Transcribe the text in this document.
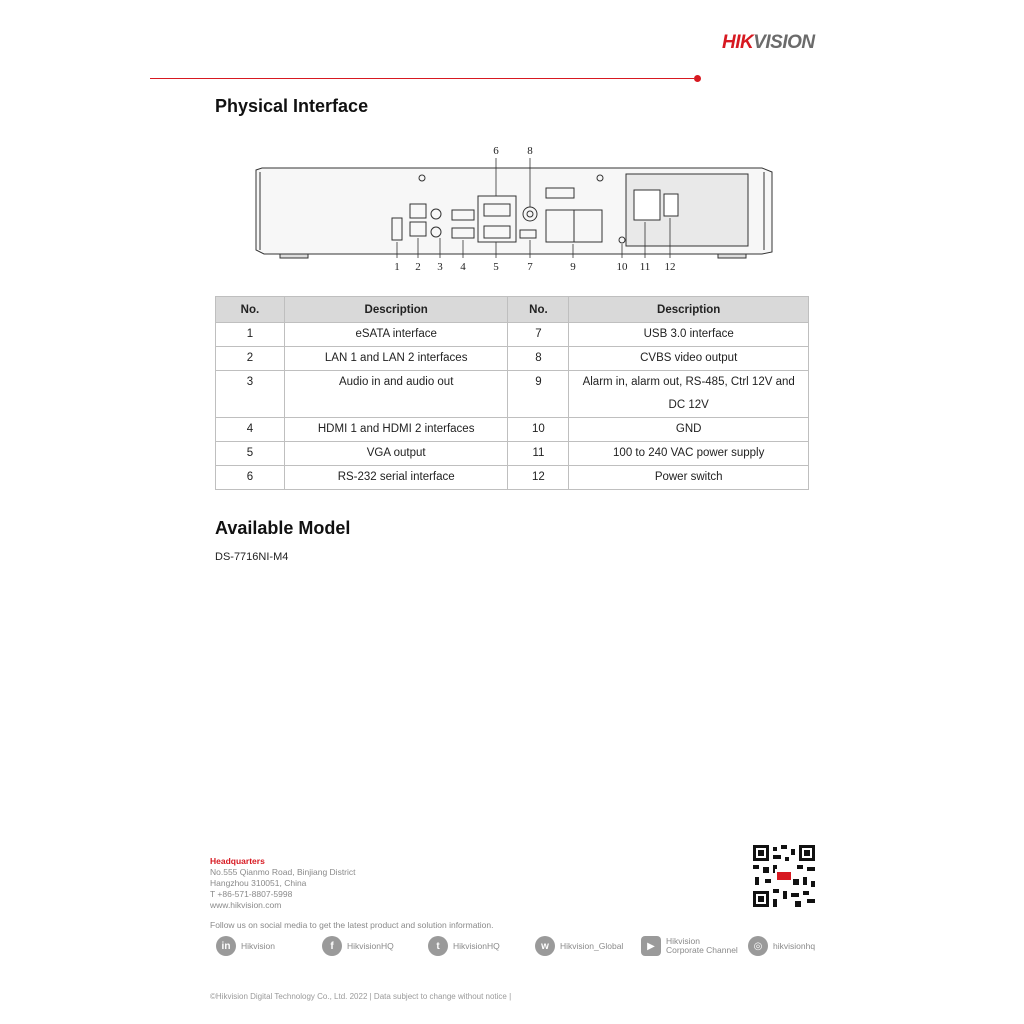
HIKVISION
Physical Interface
6	8
1 2 3 4	5	7	9	10 11 12
No.	Description	No.	Description
1	eSATA interface	7	USB 3.0 interface
2	LAN 1 and LAN 2 interfaces	8	CVBS video output
3	Audio in and audio out	9	Alarm in, alarm out, RS-485, Ctrl 12V and DC 12V
4	HDMI 1 and HDMI 2 interfaces	10	GND
5	VGA output	11	100 to 240 VAC power supply
6	RS-232 serial interface	12	Power switch
Available Model
DS-7716NI-M4
Headquarters
No.555 Qianmo Road, Binjiang District
Hangzhou 310051, China
T +86-571-8807-5998
www.hikvision.com
Follow us on social media to get the latest product and solution information.
in	Hikvision	f	HikvisionHQ	t	HikvisionHQ	w	Hikvision_Global	▶	Hikvision
Corporate Channel	◎	hikvisionhq
©Hikvision Digital Technology Co., Ltd. 2022 | Data subject to change without notice |
